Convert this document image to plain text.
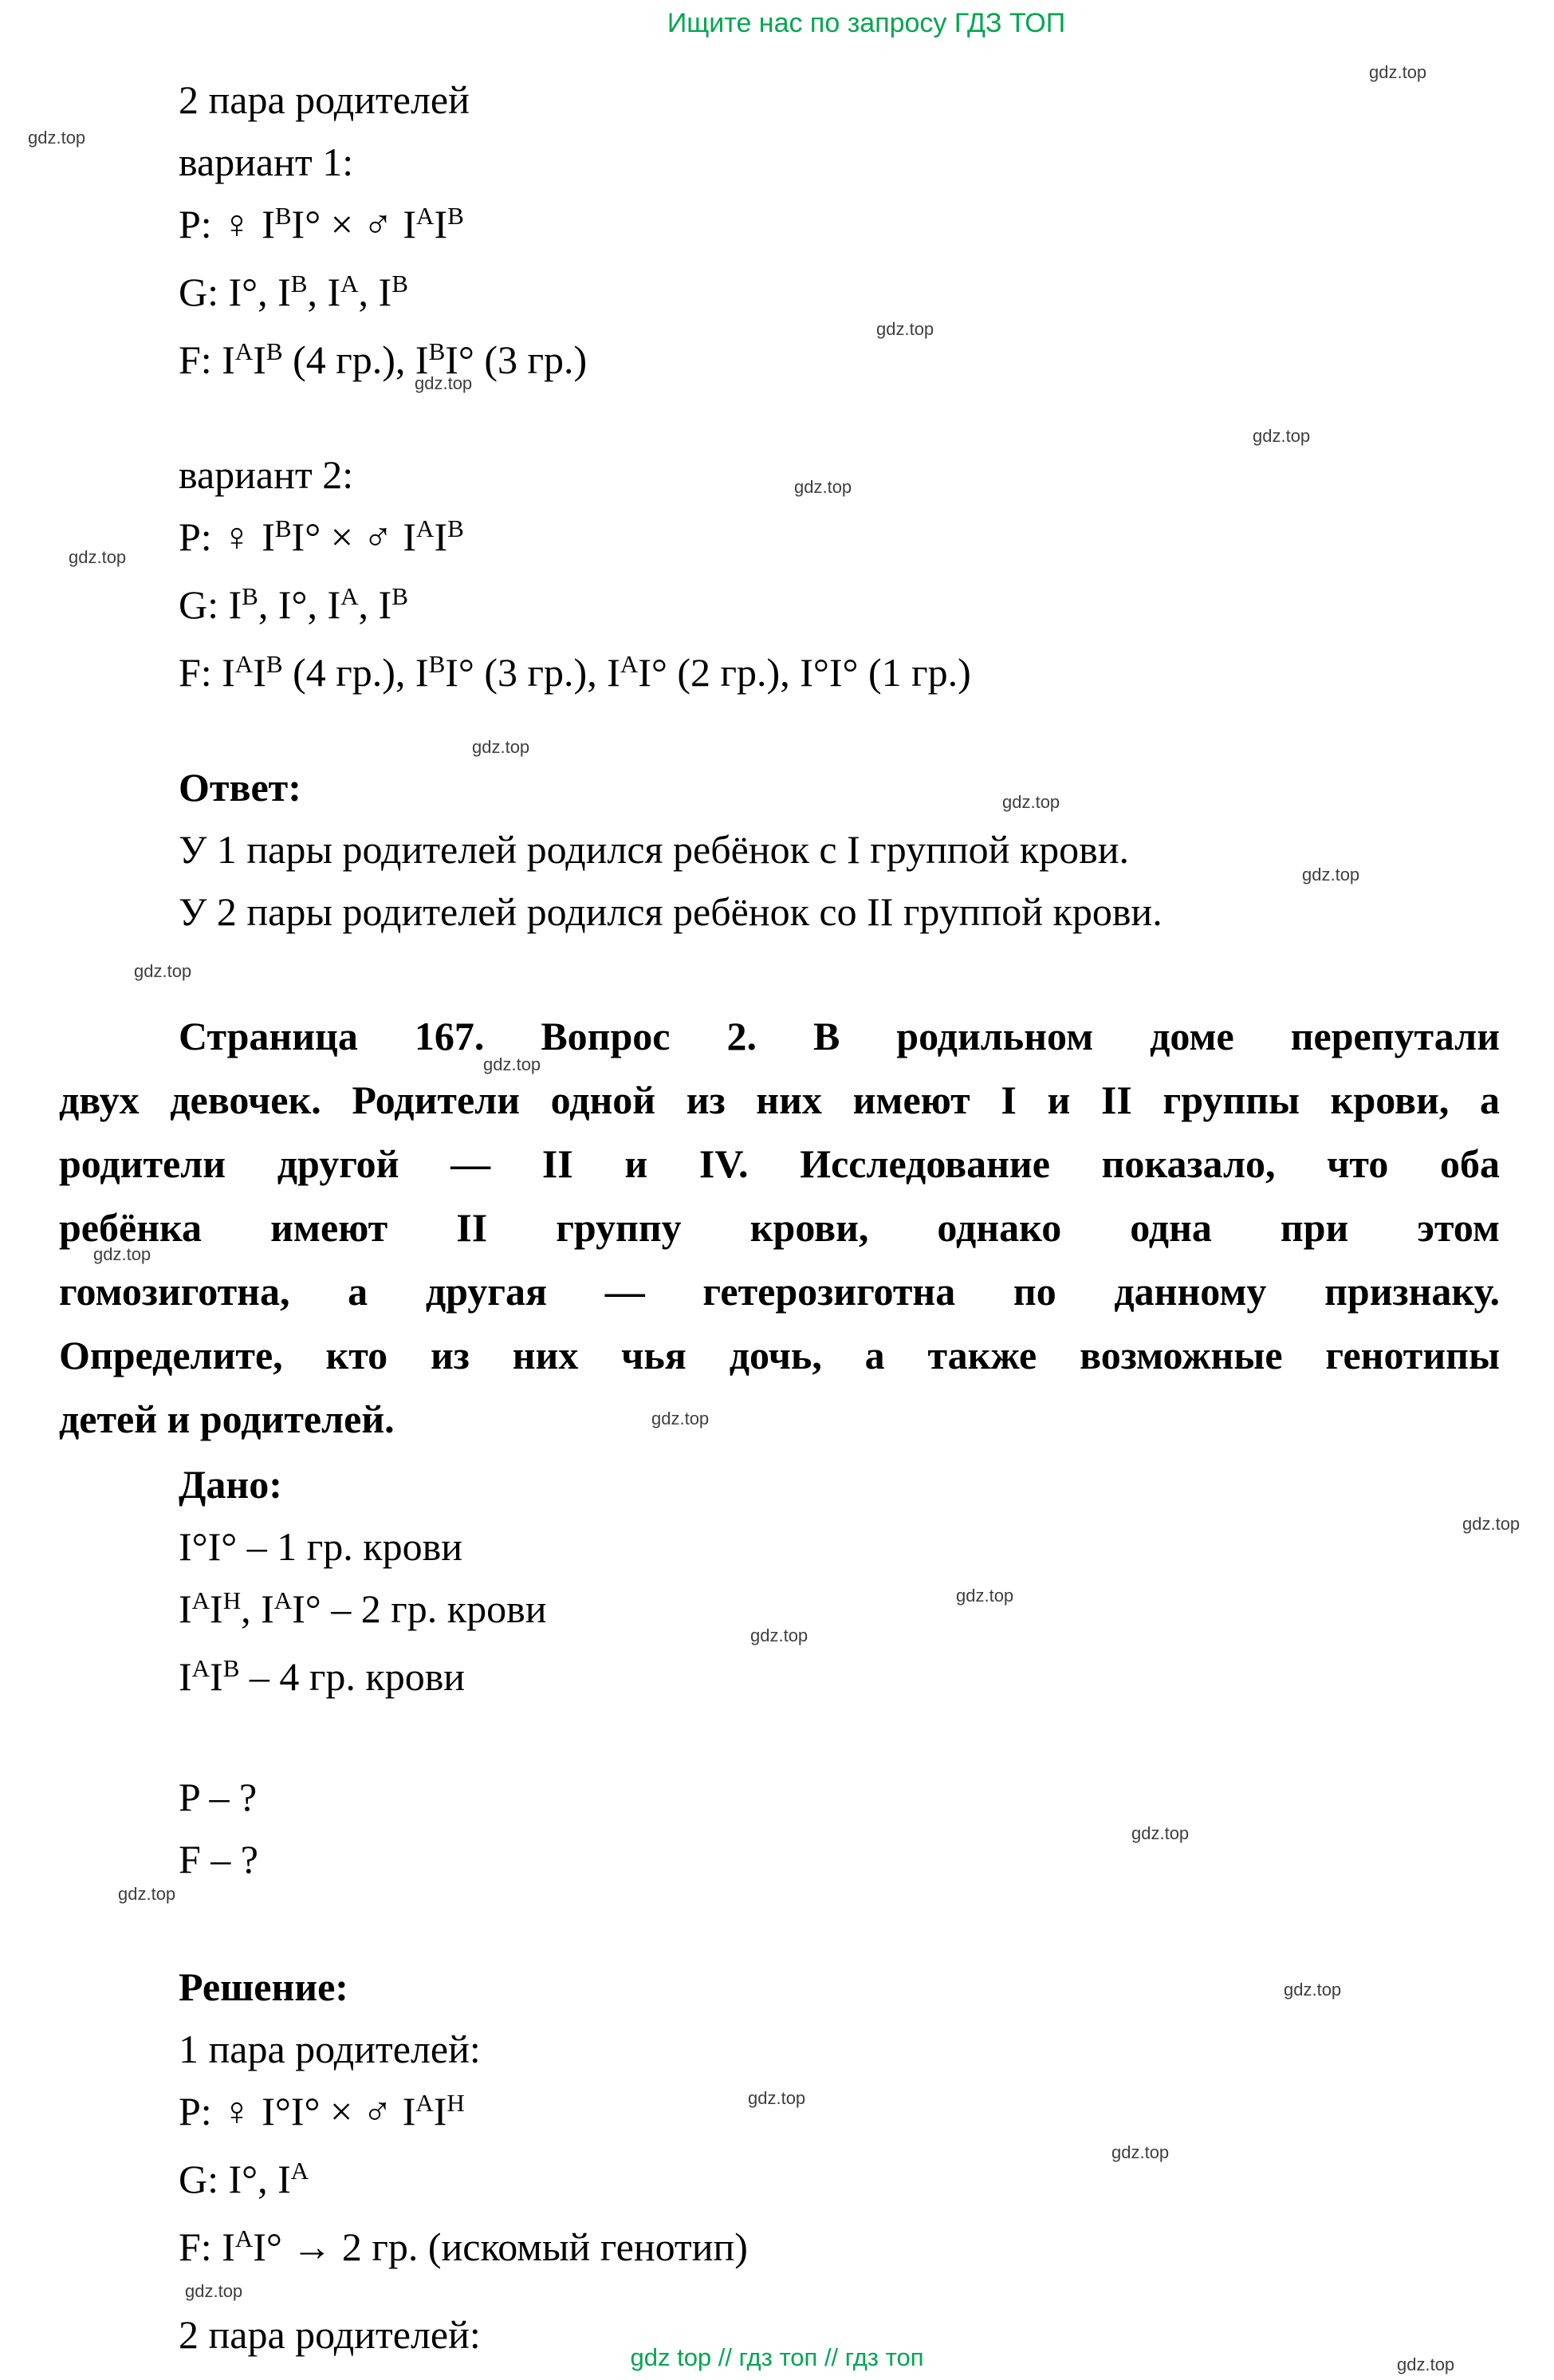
Ищите нас по запросу ГДЗ ТОП
gdz.top
gdz.top
gdz.top
gdz.top
gdz.top
gdz.top
gdz.top
gdz.top
gdz.top
gdz.top
gdz.top
gdz.top
gdz.top
gdz.top
gdz.top
gdz.top
gdz.top
gdz.top
gdz.top
gdz.top
gdz.top
gdz.top
gdz.top
gdz.top
2 пара родителей
вариант 1:
P: ♀ $I^BI^\circ$ × ♂ $I^AI^B$
G: I°, $I^B$, $I^A$, $I^B$
F: $I^AI^B$ (4 гр.), $I^BI^\circ$ (3 гр.)
вариант 2:
P: ♀ $I^BI^\circ$ × ♂ $I^AI^B$
G: $I^B$, I°, $I^A$, $I^B$
F: $I^AI^B$ (4 гр.), $I^BI^\circ$ (3 гр.), $I^AI^\circ$ (2 гр.), I°I° (1 гр.)
Ответ:
У 1 пары родителей родился ребёнок с I группой крови.
У 2 пары родителей родился ребёнок со II группой крови.
Страница 167. Вопрос 2. В родильном доме перепутали
двух девочек. Родители одной из них имеют I и II группы крови, а
родители другой — II и IV. Исследование показало, что оба
ребёнка имеют II группу крови, однако одна при этом
гомозиготна, а другая — гетерозиготна по данному признаку.
Определите, кто из них чья дочь, а также возможные генотипы
детей и родителей.
Дано:
I°I° – 1 гр. крови
$I^AI^H$, $I^AI^\circ - 2$ гр. крови
$I^AI^B - 4$ гр. крови
P – ?
F – ?
Решение:
1 пара родителей:
P: ♀ I°I° × ♂ $I^AI^H$
G: I°, $I^A$
F: $I^AI^\circ \to 2$ гр. (искомый генотип)
2 пара родителей:
gdz top // гдз топ // гдз топ
